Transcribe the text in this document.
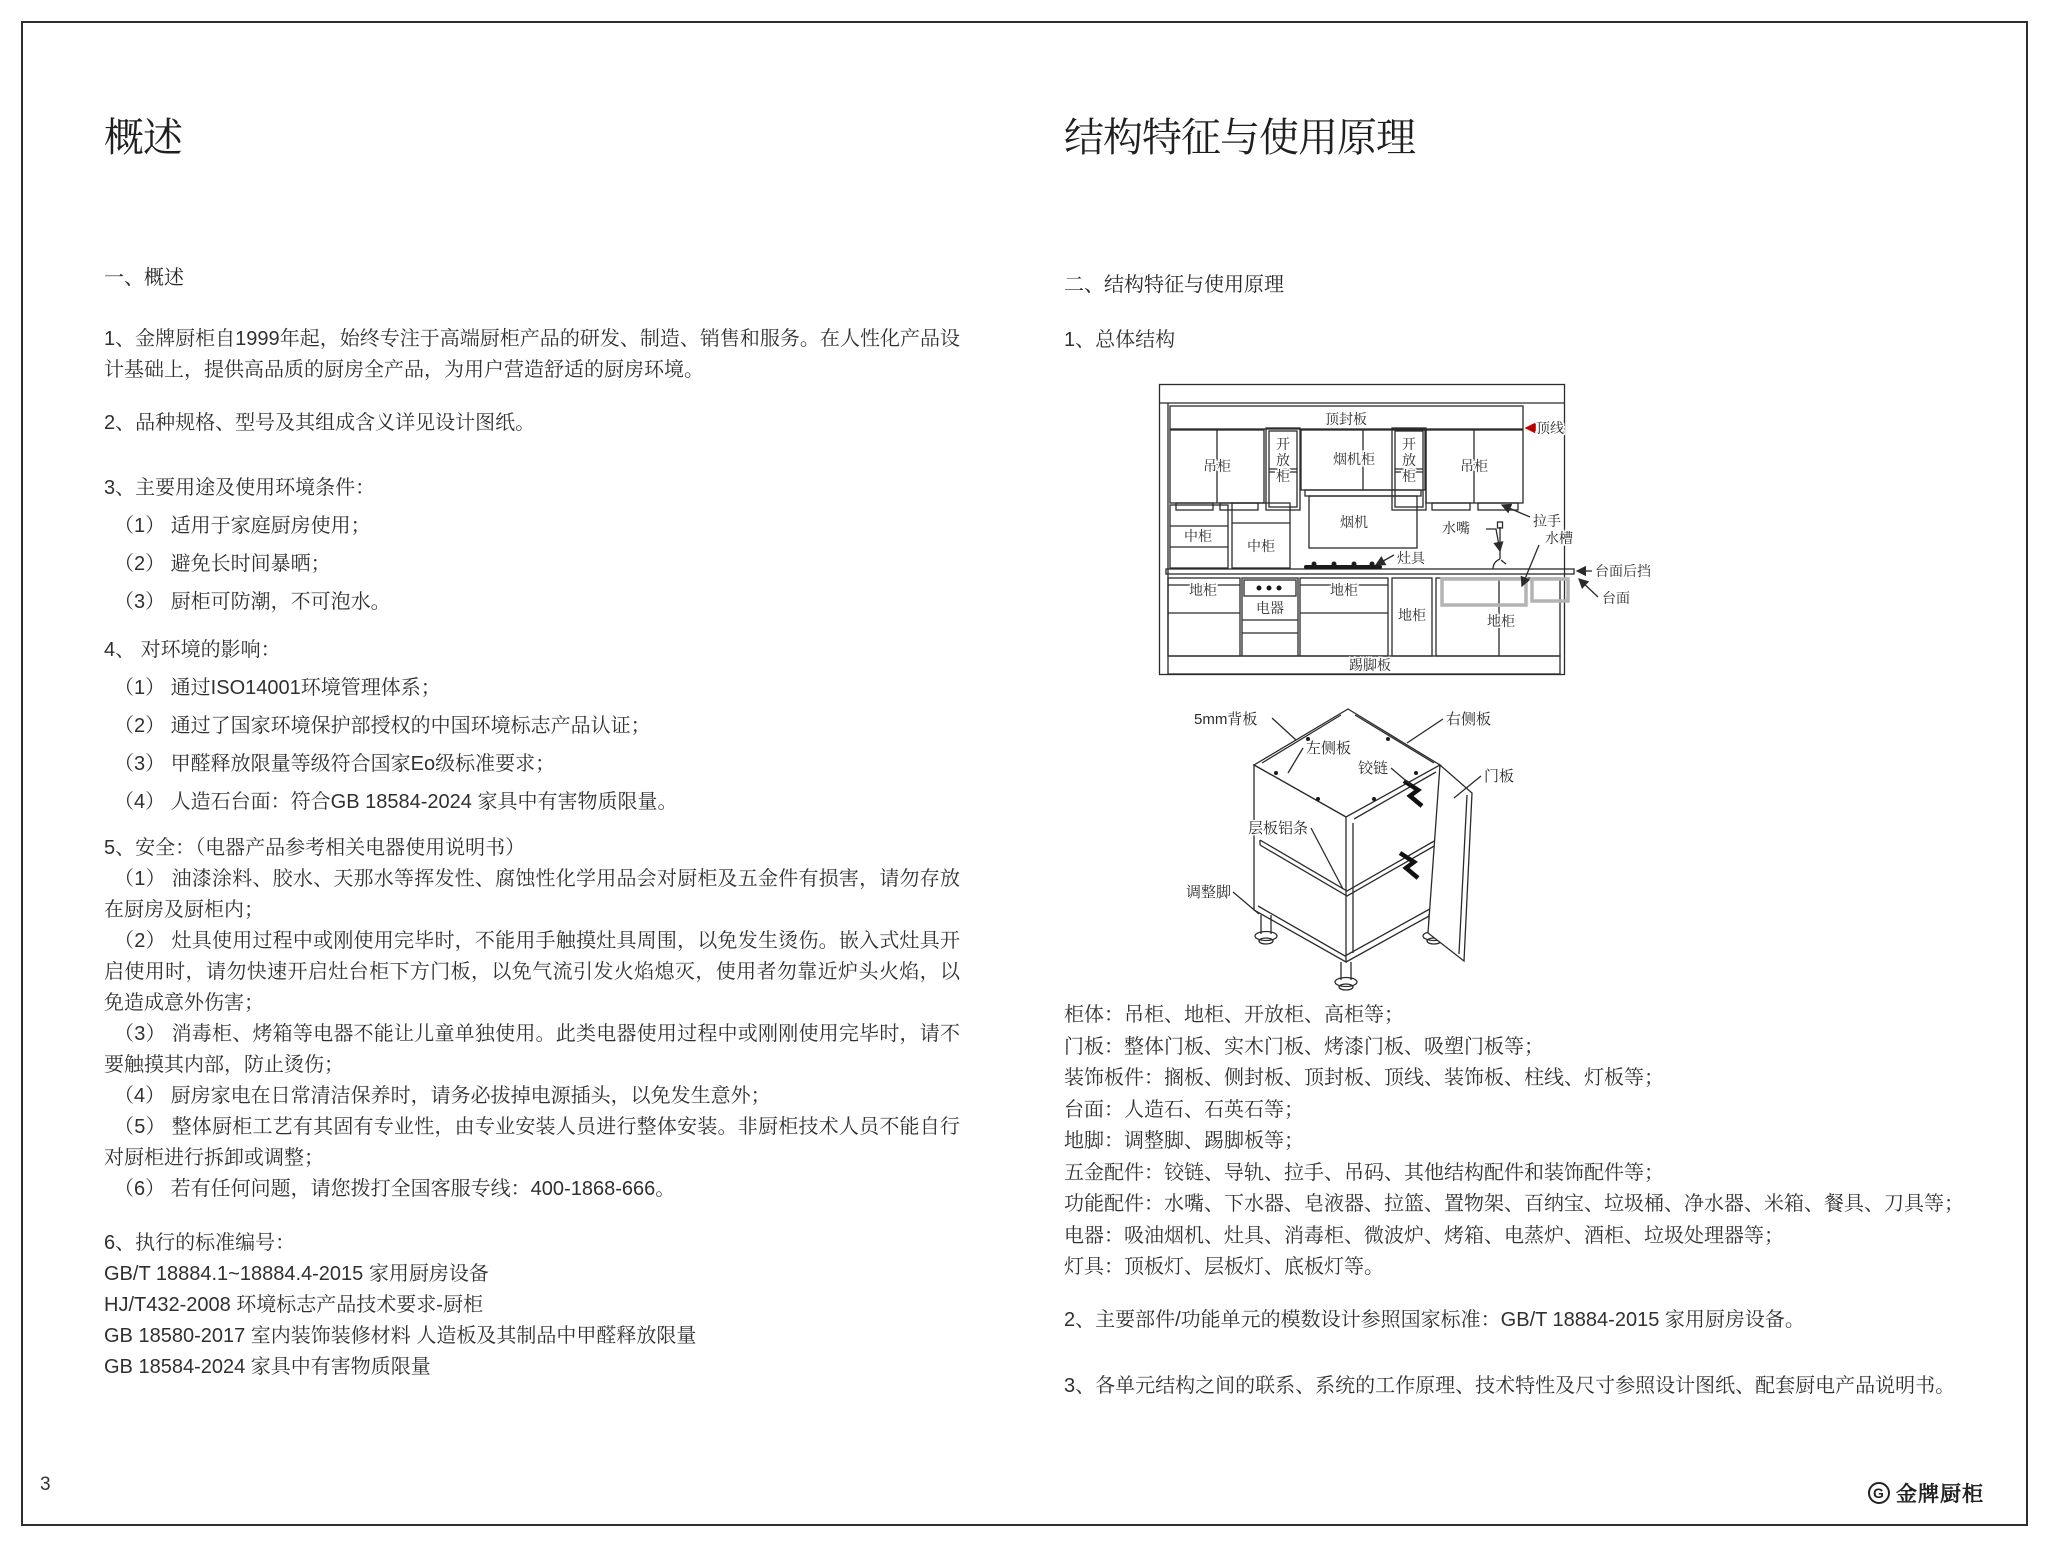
概述

一、概述

1、金牌厨柜自1999年起，始终专注于高端厨柜产品的研发、制造、销售和服务。在人性化产品设计基础上，提供高品质的厨房全产品，为用户营造舒适的厨房环境。

2、品种规格、型号及其组成含义详见设计图纸。

3、主要用途及使用环境条件：

（1） 适用于家庭厨房使用；

（2） 避免长时间暴晒；

（3） 厨柜可防潮，不可泡水。

4、 对环境的影响：

（1） 通过ISO14001环境管理体系；

（2） 通过了国家环境保护部授权的中国环境标志产品认证；

（3） 甲醛释放限量等级符合国家Eo级标准要求；

（4） 人造石台面：符合GB 18584-2024 家具中有害物质限量。

5、安全：（电器产品参考相关电器使用说明书）

（1） 油漆涂料、胶水、天那水等挥发性、腐蚀性化学用品会对厨柜及五金件有损害，请勿存放在厨房及厨柜内；

（2） 灶具使用过程中或刚使用完毕时，不能用手触摸灶具周围，以免发生烫伤。嵌入式灶具开启使用时，请勿快速开启灶台柜下方门板，以免气流引发火焰熄灭，使用者勿靠近炉头火焰，以免造成意外伤害；

（3） 消毒柜、烤箱等电器不能让儿童单独使用。此类电器使用过程中或刚刚使用完毕时，请不要触摸其内部，防止烫伤；

（4） 厨房家电在日常清洁保养时，请务必拔掉电源插头，以免发生意外；

（5） 整体厨柜工艺有其固有专业性，由专业安装人员进行整体安装。非厨柜技术人员不能自行对厨柜进行拆卸或调整；

（6） 若有任何问题，请您拨打全国客服专线：400-1868-666。

6、执行的标准编号：

GB/T 18884.1~18884.4-2015 家用厨房设备

HJ/T432-2008 环境标志产品技术要求-厨柜

GB 18580-2017 室内装饰装修材料 人造板及其制品中甲醛释放限量

GB 18584-2024 家具中有害物质限量

结构特征与使用原理

二、结构特征与使用原理

1、总体结构

顶封板
顶线
吊柜	吊柜
开
放
柜
开
放
柜
烟机柜
拉手
中柜
中柜
烟机
灶具
水嘴
水槽
台面后挡
台面
地柜	地柜
地柜	地柜
电器
踢脚板
5mm背板
左侧板
右侧板
铰链	门板
层板铝条
调整脚

柜体：吊柜、地柜、开放柜、高柜等；

门板：整体门板、实木门板、烤漆门板、吸塑门板等；

装饰板件：搁板、侧封板、顶封板、顶线、装饰板、柱线、灯板等；

台面：人造石、石英石等；

地脚：调整脚、踢脚板等；

五金配件：铰链、导轨、拉手、吊码、其他结构配件和装饰配件等；

功能配件：水嘴、下水器、皂液器、拉篮、置物架、百纳宝、垃圾桶、净水器、米箱、餐具、刀具等；

电器：吸油烟机、灶具、消毒柜、微波炉、烤箱、电蒸炉、酒柜、垃圾处理器等；

灯具：顶板灯、层板灯、底板灯等。

2、主要部件/功能单元的模数设计参照国家标准：GB/T 18884-2015 家用厨房设备。

3、各单元结构之间的联系、系统的工作原理、技术特性及尺寸参照设计图纸、配套厨电产品说明书。

3	G 金牌厨柜
